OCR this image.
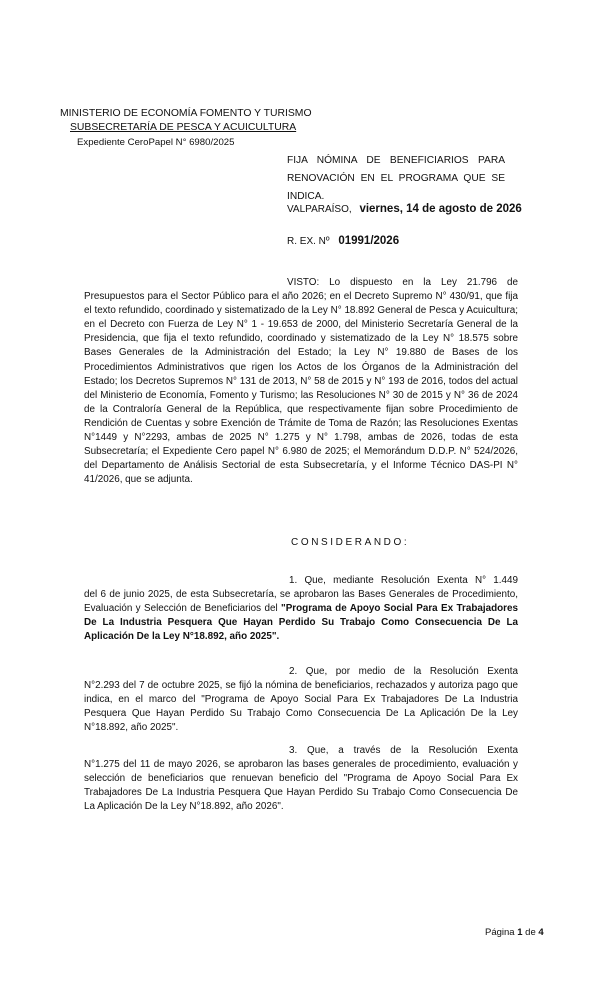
MINISTERIO DE ECONOMÍA FOMENTO Y TURISMO
SUBSECRETARÍA DE PESCA Y ACUICULTURA
Expediente CeroPapel N° 6980/2025
FIJA NÓMINA DE BENEFICIARIOS PARA
RENOVACIÓN EN EL PROGRAMA QUE SE INDICA.
VALPARAÍSO, viernes, 14 de agosto de 2026
R. EX. Nº 01991/2026
VISTO: Lo dispuesto en la Ley 21.796 de
Presupuestos para el Sector Público para el año 2026; en el Decreto Supremo N° 430/91, que fija el texto refundido, coordinado y sistematizado de la Ley N° 18.892 General de Pesca y Acuicultura; en el Decreto con Fuerza de Ley N° 1 - 19.653 de 2000, del Ministerio Secretaría General de la Presidencia, que fija el texto refundido, coordinado y sistematizado de la Ley N° 18.575 sobre Bases Generales de la Administración del Estado; la Ley N° 19.880 de Bases de los Procedimientos Administrativos que rigen los Actos de los Órganos de la Administración del Estado; los Decretos Supremos N° 131 de 2013, N° 58 de 2015 y N° 193 de 2016, todos del actual del Ministerio de Economía, Fomento y Turismo; las Resoluciones N° 30 de 2015 y N° 36 de 2024 de la Contraloría General de la República, que respectivamente fijan sobre Procedimiento de Rendición de Cuentas y sobre Exención de Trámite de Toma de Razón; las Resoluciones Exentas N°1449 y N°2293, ambas de 2025 N° 1.275 y N° 1.798, ambas de 2026, todas de esta Subsecretaría; el Expediente Cero papel N° 6.980 de 2025; el Memorándum D.D.P. N° 524/2026, del Departamento de Análisis Sectorial de esta Subsecretaría, y el Informe Técnico DAS-PI N° 41/2026, que se adjunta.
CONSIDERANDO:
1. Que, mediante Resolución Exenta N° 1.449
del 6 de junio 2025, de esta Subsecretaría, se aprobaron las Bases Generales de Procedimiento, Evaluación y Selección de Beneficiarios del "Programa de Apoyo Social Para Ex Trabajadores De La Industria Pesquera Que Hayan Perdido Su Trabajo Como Consecuencia De La Aplicación De la Ley N°18.892, año 2025".
2. Que, por medio de la Resolución Exenta
N°2.293 del 7 de octubre 2025, se fijó la nómina de beneficiarios, rechazados y autoriza pago que indica, en el marco del "Programa de Apoyo Social Para Ex Trabajadores De La Industria Pesquera Que Hayan Perdido Su Trabajo Como Consecuencia De La Aplicación De la Ley N°18.892, año 2025".
3. Que, a través de la Resolución Exenta
N°1.275 del 11 de mayo 2026, se aprobaron las bases generales de procedimiento, evaluación y selección de beneficiarios que renuevan beneficio del "Programa de Apoyo Social Para Ex Trabajadores De La Industria Pesquera Que Hayan Perdido Su Trabajo Como Consecuencia De La Aplicación De la Ley N°18.892, año 2026".
Página 1 de 4
